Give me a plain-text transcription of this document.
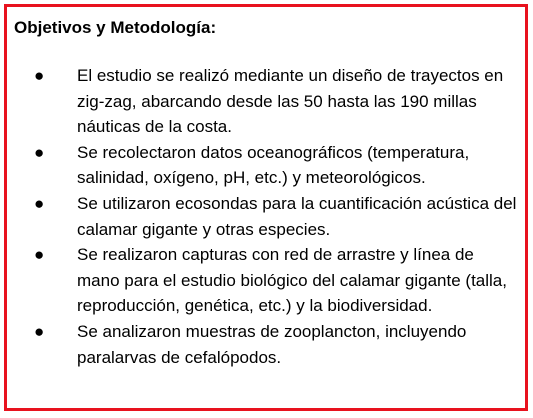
Objetivos y Metodología:
● El estudio se realizó mediante un diseño de trayectos en zig-zag, abarcando desde las 50 hasta las 190 millas náuticas de la costa.
● Se recolectaron datos oceanográficos (temperatura, salinidad, oxígeno, pH, etc.) y meteorológicos.
● Se utilizaron ecosondas para la cuantificación acústica del calamar gigante y otras especies.
● Se realizaron capturas con red de arrastre y línea de mano para el estudio biológico del calamar gigante (talla, reproducción, genética, etc.) y la biodiversidad.
● Se analizaron muestras de zooplancton, incluyendo paralarvas de cefalópodos.
